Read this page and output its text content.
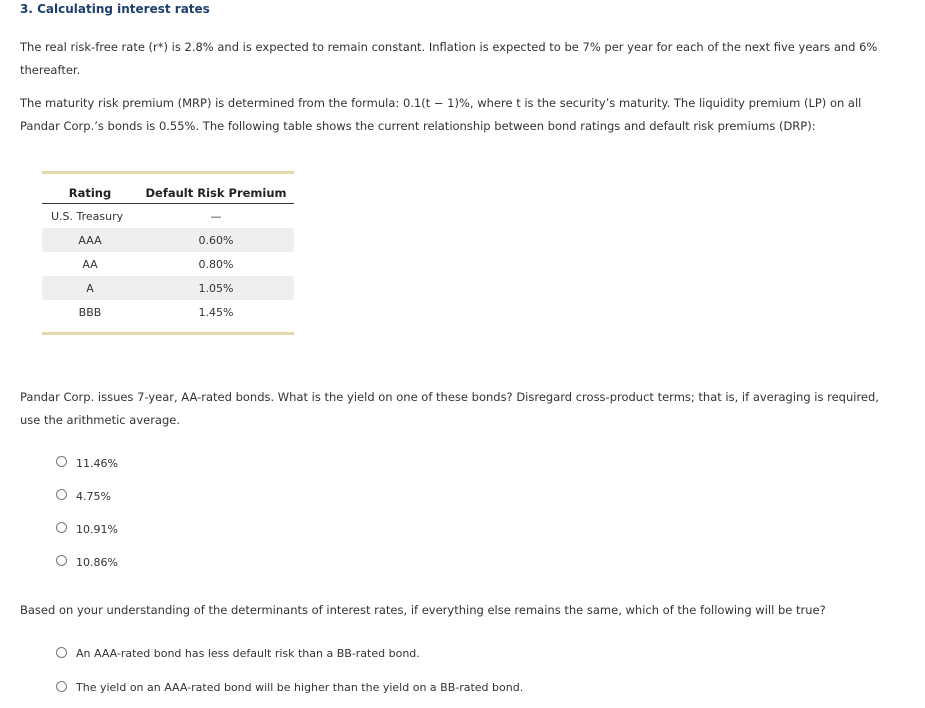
3. Calculating interest rates
The real risk-free rate (r*) is 2.8% and is expected to remain constant. Inflation is expected to be 7% per year for each of the next five years and 6%
thereafter.
The maturity risk premium (MRP) is determined from the formula: 0.1(t − 1)%, where t is the security’s maturity. The liquidity premium (LP) on all
Pandar Corp.’s bonds is 0.55%. The following table shows the current relationship between bond ratings and default risk premiums (DRP):
Rating	Default Risk Premium
U.S. Treasury	—
AAA	0.60%
AA	0.80%
A	1.05%
BBB	1.45%

Pandar Corp. issues 7-year, AA-rated bonds. What is the yield on one of these bonds? Disregard cross-product terms; that is, if averaging is required,
use the arithmetic average.
11.46%
4.75%
10.91%
10.86%
Based on your understanding of the determinants of interest rates, if everything else remains the same, which of the following will be true?
An AAA-rated bond has less default risk than a BB-rated bond.
The yield on an AAA-rated bond will be higher than the yield on a BB-rated bond.
